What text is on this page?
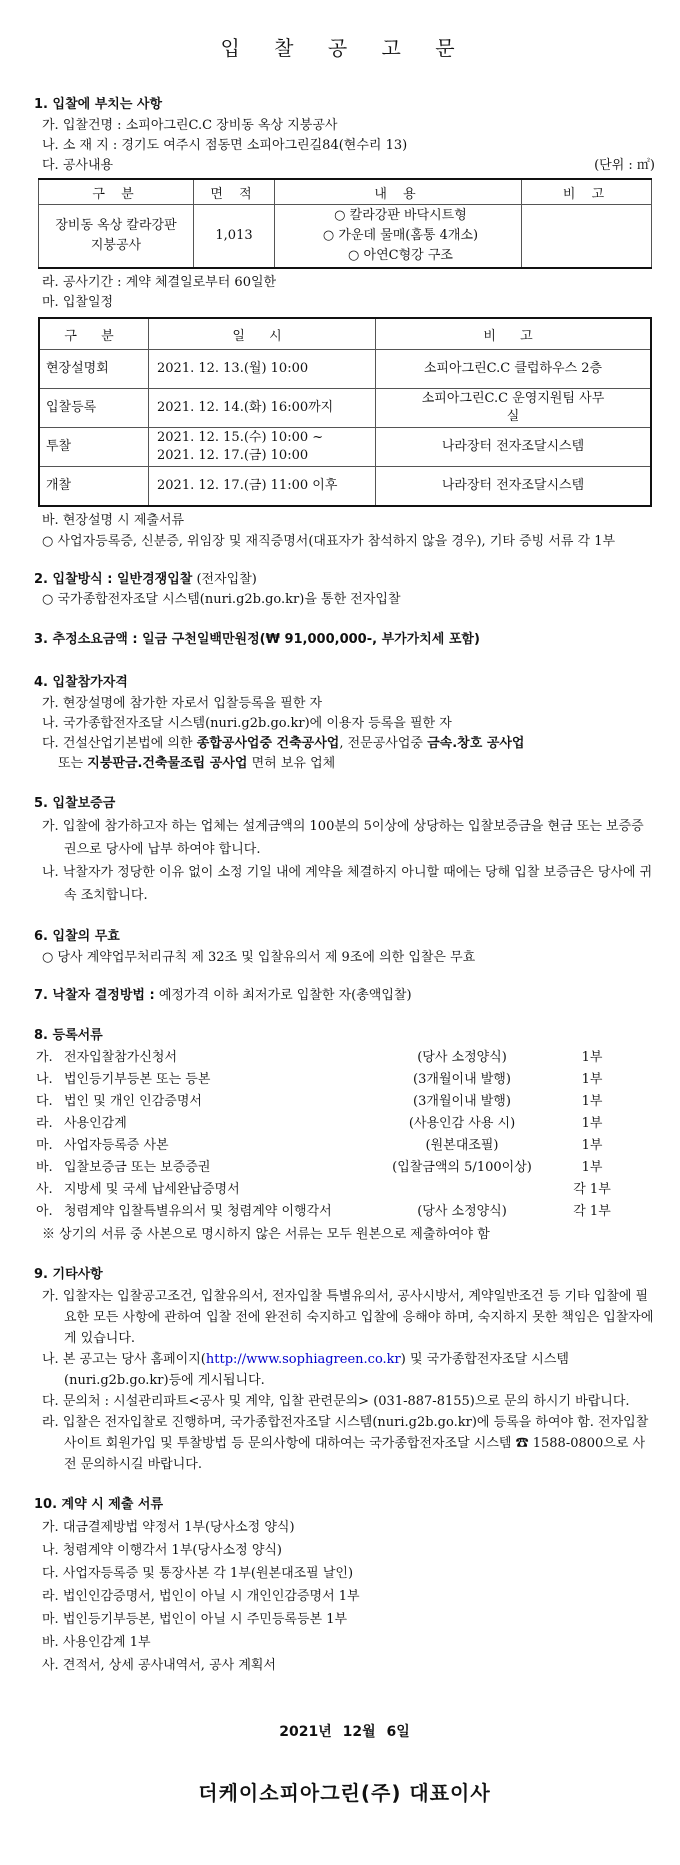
입 찰 공 고 문
1. 입찰에 부치는 사항
가. 입찰건명 : 소피아그린C.C 장비동 옥상 지붕공사
나. 소 재 지 : 경기도 여주시 점동면 소피아그린길84(현수리 13)
다. 공사내용	(단위 : ㎡)
구 분	면 적	내 용	비 고
장비동 옥상 칼라강판 지붕공사	1,013	○ 칼라강판 바닥시트형
○ 가운데 물매(홈통 4개소)
○ 아연C형강 구조	

라. 공사기간 : 계약 체결일로부터 60일한
마. 입찰일정
구 분	일 시	비 고
현장설명회	2021. 12. 13.(월) 10:00	소피아그린C.C 클럽하우스 2층
입찰등록	2021. 12. 14.(화) 16:00까지	소피아그린C.C 운영지원팀 사무실
투찰	2021. 12. 15.(수) 10:00 ~ 2021. 12. 17.(금) 10:00	나라장터 전자조달시스템
개찰	2021. 12. 17.(금) 11:00 이후	나라장터 전자조달시스템
바. 현장설명 시 제출서류
○ 사업자등록증, 신분증, 위임장 및 재직증명서(대표자가 참석하지 않을 경우), 기타 증빙 서류 각 1부
2. 입찰방식 : 일반경쟁입찰 (전자입찰)
○ 국가종합전자조달 시스템(nuri.g2b.go.kr)을 통한 전자입찰
3. 추정소요금액 : 일금 구천일백만원정(₩ 91,000,000-, 부가가치세 포함)
4. 입찰참가자격
가. 현장설명에 참가한 자로서 입찰등록을 필한 자
나. 국가종합전자조달 시스템(nuri.g2b.go.kr)에 이용자 등록을 필한 자
다. 건설산업기본법에 의한 종합공사업중 건축공사업, 전문공사업중 금속.창호 공사업
또는 지붕판금.건축물조립 공사업 면허 보유 업체
5. 입찰보증금
가. 입찰에 참가하고자 하는 업체는 설계금액의 100분의 5이상에 상당하는 입찰보증금을 현금 또는 보증증권으로 당사에 납부 하여야 합니다.
나. 낙찰자가 정당한 이유 없이 소정 기일 내에 계약을 체결하지 아니할 때에는 당해 입찰 보증금은 당사에 귀속 조치합니다.
6. 입찰의 무효
○ 당사 계약업무처리규칙 제 32조 및 입찰유의서 제 9조에 의한 입찰은 무효
7. 낙찰자 결정방법 : 예정가격 이하 최저가로 입찰한 자(총액입찰)
8. 등록서류
가. 전자입찰참가신청서	(당사 소정양식)	1부
나. 법인등기부등본 또는 등본	(3개월이내 발행)	1부
다. 법인 및 개인 인감증명서	(3개월이내 발행)	1부
라. 사용인감계	(사용인감 사용 시)	1부
마. 사업자등록증 사본	(원본대조필)	1부
바. 입찰보증금 또는 보증증권	(입찰금액의 5/100이상)	1부
사. 지방세 및 국세 납세완납증명서	각 1부
아. 청렴계약 입찰특별유의서 및 청렴계약 이행각서	(당사 소정양식)	각 1부
※ 상기의 서류 중 사본으로 명시하지 않은 서류는 모두 원본으로 제출하여야 함
9. 기타사항
가. 입찰자는 입찰공고조건, 입찰유의서, 전자입찰 특별유의서, 공사시방서, 계약일반조건 등 기타 입찰에 필요한 모든 사항에 관하여 입찰 전에 완전히 숙지하고 입찰에 응해야 하며, 숙지하지 못한 책임은 입찰자에게 있습니다.
나. 본 공고는 당사 홈페이지(http://www.sophiagreen.co.kr) 및 국가종합전자조달 시스템(nuri.g2b.go.kr)등에 게시됩니다.
다. 문의처 : 시설관리파트<공사 및 계약, 입찰 관련문의> (031-887-8155)으로 문의 하시기 바랍니다.
라. 입찰은 전자입찰로 진행하며, 국가종합전자조달 시스템(nuri.g2b.go.kr)에 등록을 하여야 함. 전자입찰사이트 회원가입 및 투찰방법 등 문의사항에 대하여는 국가종합전자조달 시스템 ☎ 1588-0800으로 사전 문의하시길 바랍니다.
10. 계약 시 제출 서류
가. 대금결제방법 약정서 1부(당사소정 양식)
나. 청렴계약 이행각서 1부(당사소정 양식)
다. 사업자등록증 및 통장사본 각 1부(원본대조필 날인)
라. 법인인감증명서, 법인이 아닐 시 개인인감증명서 1부
마. 법인등기부등본, 법인이 아닐 시 주민등록등본 1부
바. 사용인감계 1부
사. 견적서, 상세 공사내역서, 공사 계획서
2021년 12월 6일
더케이소피아그린(주) 대표이사
